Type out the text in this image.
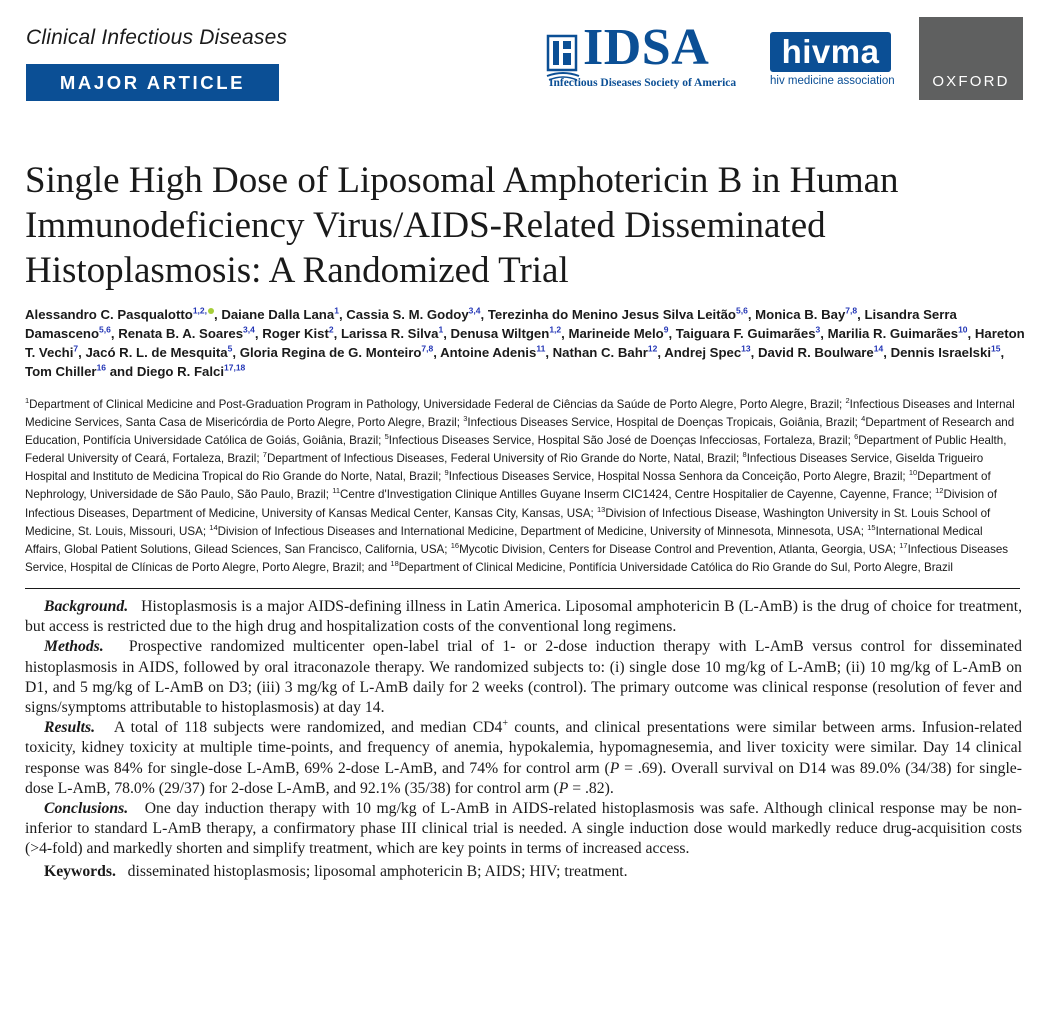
Clinical Infectious Diseases
MAJOR ARTICLE
IDSA
Infectious Diseases Society of America
hivma
hiv medicine association	OXFORD
Single High Dose of Liposomal Amphotericin B in Human Immunodeficiency Virus/AIDS-Related Disseminated Histoplasmosis: A Randomized Trial
Alessandro C. Pasqualotto$^{1,2,}$ , Daiane Dalla Lana$^1$, Cassia S. M. Godoy$^{3,4}$, Terezinha do Menino Jesus Silva Leitão$^{5,6}$, Monica B. Bay$^{7,8}$, Lisandra Serra Damasceno$^{5,6}$, Renata B. A. Soares$^{3,4}$, Roger Kist$^2$, Larissa R. Silva$^1$, Denusa Wiltgen$^{1,2}$, Marineide Melo$^9$, Taiguara F. Guimarães$^3$, Marilia R. Guimarães$^{10}$, Hareton T. Vechi$^7$, Jacó R. L. de Mesquita$^5$, Gloria Regina de G. Monteiro$^{7,8}$, Antoine Adenis$^{11}$, Nathan C. Bahr$^{12}$, Andrej Spec$^{13}$, David R. Boulware$^{14}$, Dennis Israelski$^{15}$, Tom Chiller$^{16}$ and Diego R. Falci$^{17,18}$
$^1$Department of Clinical Medicine and Post-Graduation Program in Pathology, Universidade Federal de Ciências da Saúde de Porto Alegre, Porto Alegre, Brazil; $^2$Infectious Diseases and Internal Medicine Services, Santa Casa de Misericórdia de Porto Alegre, Porto Alegre, Brazil; $^3$Infectious Diseases Service, Hospital de Doenças Tropicais, Goiânia, Brazil; $^4$Department of Research and Education, Pontifícia Universidade Católica de Goiás, Goiânia, Brazil; $^5$Infectious Diseases Service, Hospital São José de Doenças Infecciosas, Fortaleza, Brazil; $^6$Department of Public Health, Federal University of Ceará, Fortaleza, Brazil; $^7$Department of Infectious Diseases, Federal University of Rio Grande do Norte, Natal, Brazil; $^8$Infectious Diseases Service, Giselda Trigueiro Hospital and Instituto de Medicina Tropical do Rio Grande do Norte, Natal, Brazil; $^9$Infectious Diseases Service, Hospital Nossa Senhora da Conceição, Porto Alegre, Brazil; $^{10}$Department of Nephrology, Universidade de São Paulo, São Paulo, Brazil; $^{11}$Centre d'Investigation Clinique Antilles Guyane Inserm CIC1424, Centre Hospitalier de Cayenne, Cayenne, France; $^{12}$Division of Infectious Diseases, Department of Medicine, University of Kansas Medical Center, Kansas City, Kansas, USA; $^{13}$Division of Infectious Disease, Washington University in St. Louis School of Medicine, St. Louis, Missouri, USA; $^{14}$Division of Infectious Diseases and International Medicine, Department of Medicine, University of Minnesota, Minnesota, USA; $^{15}$International Medical Affairs, Global Patient Solutions, Gilead Sciences, San Francisco, California, USA; $^{16}$Mycotic Division, Centers for Disease Control and Prevention, Atlanta, Georgia, USA; $^{17}$Infectious Diseases Service, Hospital de Clínicas de Porto Alegre, Porto Alegre, Brazil; and $^{18}$Department of Clinical Medicine, Pontifícia Universidade Católica do Rio Grande do Sul, Porto Alegre, Brazil

Background. Histoplasmosis is a major AIDS-defining illness in Latin America. Liposomal amphotericin B (L-AmB) is the drug of choice for treatment, but access is restricted due to the high drug and hospitalization costs of the conventional long regimens.

Methods. Prospective randomized multicenter open-label trial of 1- or 2-dose induction therapy with L-AmB versus control for disseminated histoplasmosis in AIDS, followed by oral itraconazole therapy. We randomized subjects to: (i) single dose 10 mg/kg of L-AmB; (ii) 10 mg/kg of L-AmB on D1, and 5 mg/kg of L-AmB on D3; (iii) 3 mg/kg of L-AmB daily for 2 weeks (control). The primary outcome was clinical response (resolution of fever and signs/symptoms attributable to histoplasmosis) at day 14.

Results. A total of 118 subjects were randomized, and median CD4+ counts, and clinical presentations were similar between arms. Infusion-related toxicity, kidney toxicity at multiple time-points, and frequency of anemia, hypokalemia, hypomagnesemia, and liver toxicity were similar. Day 14 clinical response was 84% for single-dose L-AmB, 69% 2-dose L-AmB, and 74% for control arm (P = .69). Overall survival on D14 was 89.0% (34/38) for single-dose L-AmB, 78.0% (29/37) for 2-dose L-AmB, and 92.1% (35/38) for control arm (P = .82).

Conclusions. One day induction therapy with 10 mg/kg of L-AmB in AIDS-related histoplasmosis was safe. Although clinical response may be non-inferior to standard L-AmB therapy, a confirmatory phase III clinical trial is needed. A single induction dose would markedly reduce drug-acquisition costs (>4-fold) and markedly shorten and simplify treatment, which are key points in terms of increased access.

Keywords. disseminated histoplasmosis; liposomal amphotericin B; AIDS; HIV; treatment.
